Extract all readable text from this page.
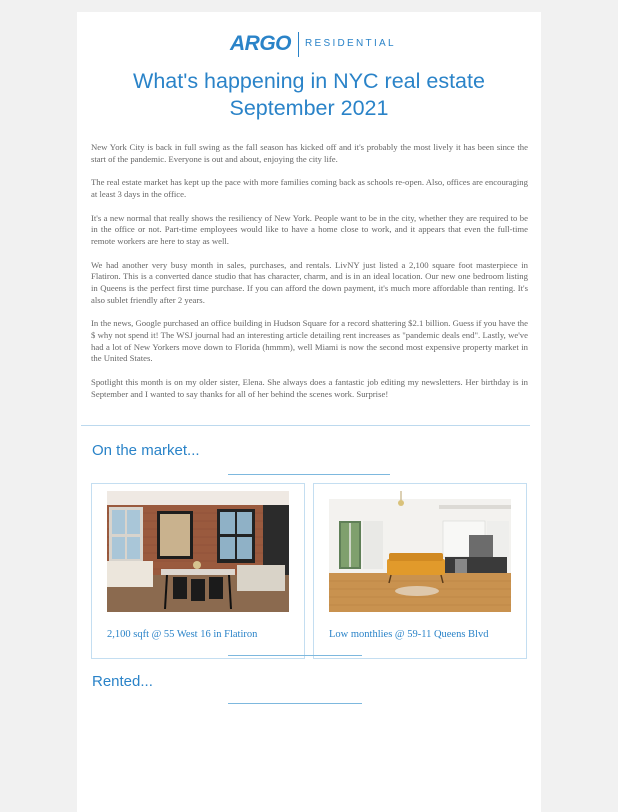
ARGO RESIDENTIAL
What's happening in NYC real estate
September 2021

New York City is back in full swing as the fall season has kicked off and it's probably the most lively it has been since the start of the pandemic. Everyone is out and about, enjoying the city life.

The real estate market has kept up the pace with more families coming back as schools re-open. Also, offices are encouraging at least 3 days in the office.

It's a new normal that really shows the resiliency of New York. People want to be in the city, whether they are required to be in the office or not. Part-time employees would like to have a home close to work, and it appears that even the full-time remote workers are here to stay as well.

We had another very busy month in sales, purchases, and rentals. LivNY just listed a 2,100 square foot masterpiece in Flatiron. This is a converted dance studio that has character, charm, and is in an ideal location. Our new one bedroom listing in Queens is the perfect first time purchase. If you can afford the down payment, it's much more affordable than renting. It's also sublet friendly after 2 years.

In the news, Google purchased an office building in Hudson Square for a record shattering $2.1 billion. Guess if you have the $ why not spend it! The WSJ journal had an interesting article detailing rent increases as "pandemic deals end". Lastly, we've had a lot of New Yorkers move down to Florida (hmmm), well Miami is now the second most expensive property market in the United States.

Spotlight this month is on my older sister, Elena. She always does a fantastic job editing my newsletters. Her birthday is in September and I wanted to say thanks for all of her behind the scenes work. Surprise!

On the market...
2,100 sqft @ 55 West 16 in Flatiron	Low monthlies @ 59-11 Queens Blvd
Rented...
